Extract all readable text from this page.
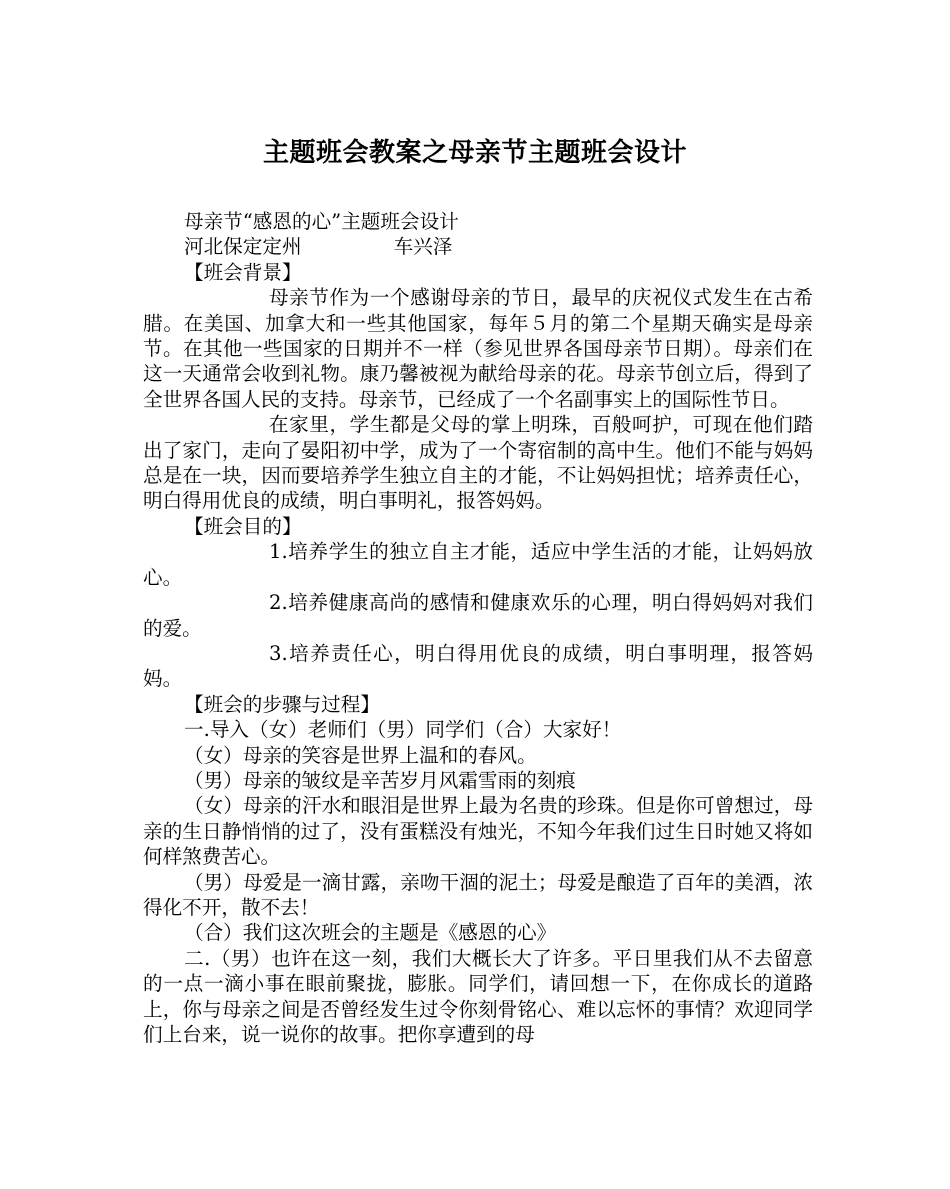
主题班会教案之母亲节主题班会设计

母亲节“感恩的心”主题班会设计

河北保定定州	车兴泽

【班会背景】

母亲节作为一个感谢母亲的节日，最早的庆祝仪式发生在古希腊。在美国、加拿大和一些其他国家，每年５月的第二个星期天确实是母亲节。在其他一些国家的日期并不一样（参见世界各国母亲节日期）。母亲们在这一天通常会收到礼物。康乃馨被视为献给母亲的花。母亲节创立后，得到了全世界各国人民的支持。母亲节，已经成了一个名副事实上的国际性节日。

在家里，学生都是父母的掌上明珠，百般呵护，可现在他们踏出了家门，走向了晏阳初中学，成为了一个寄宿制的高中生。他们不能与妈妈总是在一块，因而要培养学生独立自主的才能，不让妈妈担忧；培养责任心，明白得用优良的成绩，明白事明礼，报答妈妈。

【班会目的】

1.培养学生的独立自主才能，适应中学生活的才能，让妈妈放心。

2.培养健康高尚的感情和健康欢乐的心理，明白得妈妈对我们的爱。

3.培养责任心，明白得用优良的成绩，明白事明理，报答妈妈。

【班会的步骤与过程】

一.导入（女）老师们（男）同学们（合）大家好！

（女）母亲的笑容是世界上温和的春风。

（男）母亲的皱纹是辛苦岁月风霜雪雨的刻痕

（女）母亲的汗水和眼泪是世界上最为名贵的珍珠。但是你可曾想过，母亲的生日静悄悄的过了，没有蛋糕没有烛光，不知今年我们过生日时她又将如何样煞费苦心。

（男）母爱是一滴甘露，亲吻干涸的泥土；母爱是酿造了百年的美酒，浓得化不开，散不去！

（合）我们这次班会的主题是《感恩的心》

二.（男）也许在这一刻，我们大概长大了许多。平日里我们从不去留意的一点一滴小事在眼前聚拢，膨胀。同学们，请回想一下，在你成长的道路上，你与母亲之间是否曾经发生过令你刻骨铭心、难以忘怀的事情？欢迎同学们上台来，说一说你的故事。把你享遭到的母
